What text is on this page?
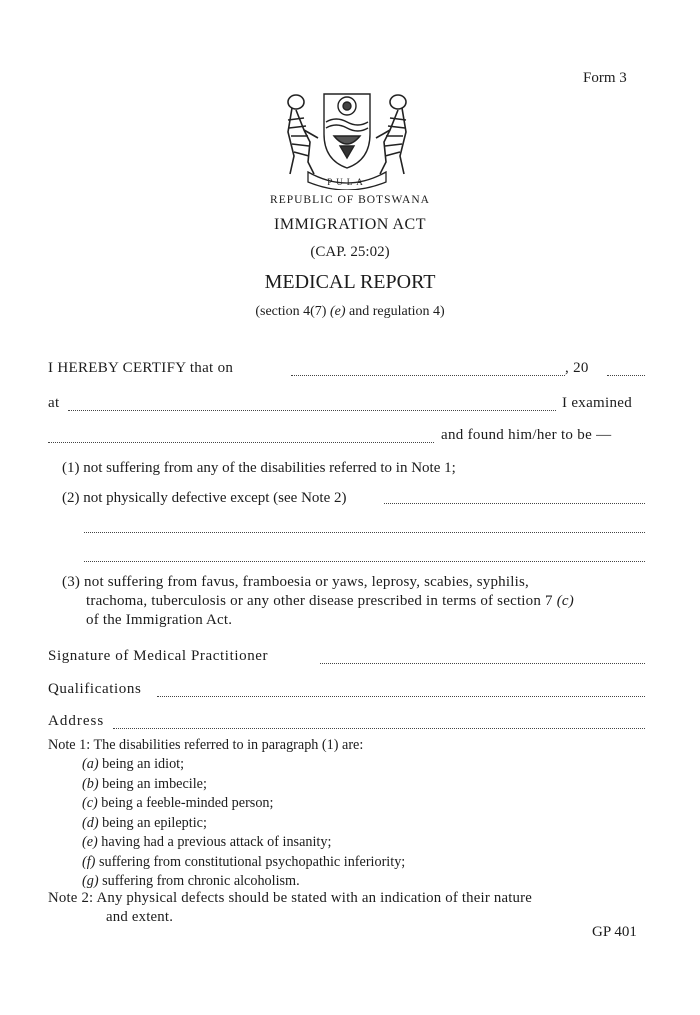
Form 3
PULA
REPUBLIC OF BOTSWANA
IMMIGRATION ACT
(CAP. 25:02)
MEDICAL REPORT
(section 4(7) (e) and regulation 4)
I HEREBY CERTIFY that on	, 20
at	I examined
and found him/her to be —
(1) not suffering from any of the disabilities referred to in Note 1;
(2) not physically defective except (see Note 2)
(3) not suffering from favus, framboesia or yaws, leprosy, scabies, syphilis,
trachoma, tuberculosis or any other disease prescribed in terms of section 7 (c)
of the Immigration Act.
Signature of Medical Practitioner
Qualifications
Address
Note 1: The disabilities referred to in paragraph (1) are:
(a) being an idiot;
(b) being an imbecile;
(c) being a feeble-minded person;
(d) being an epileptic;
(e) having had a previous attack of insanity;
(f) suffering from constitutional psychopathic inferiority;
(g) suffering from chronic alcoholism.
Note 2: Any physical defects should be stated with an indication of their nature
and extent.
GP 401
